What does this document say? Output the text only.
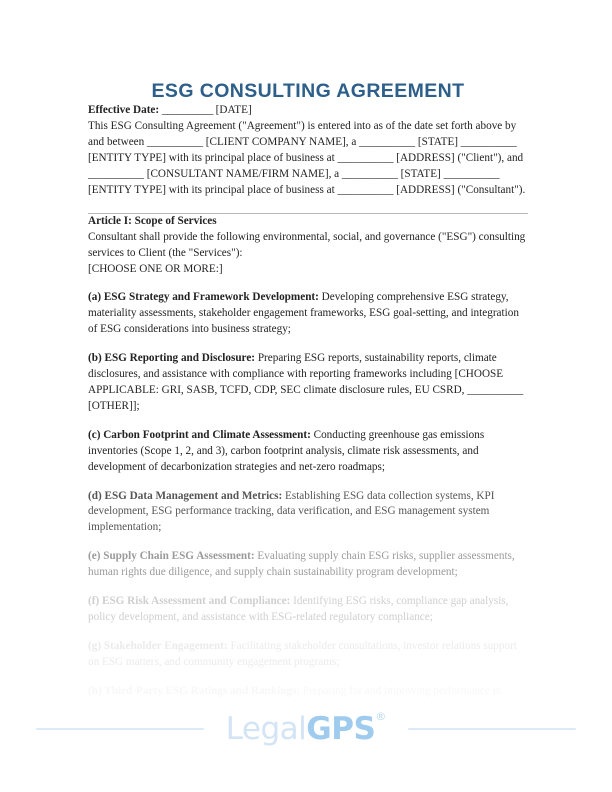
ESG CONSULTING AGREEMENT

Effective Date: __________ [DATE]

This ESG Consulting Agreement ("Agreement") is entered into as of the date set forth above by and between __________ [CLIENT COMPANY NAME], a __________ [STATE] __________ [ENTITY TYPE] with its principal place of business at __________ [ADDRESS] ("Client"), and __________ [CONSULTANT NAME/FIRM NAME], a __________ [STATE] __________ [ENTITY TYPE] with its principal place of business at __________ [ADDRESS] ("Consultant").

Article I: Scope of Services

Consultant shall provide the following environmental, social, and governance ("ESG") consulting services to Client (the "Services"):

[CHOOSE ONE OR MORE:]

(a) ESG Strategy and Framework Development: Developing comprehensive ESG strategy, materiality assessments, stakeholder engagement frameworks, ESG goal-setting, and integration of ESG considerations into business strategy;

(b) ESG Reporting and Disclosure: Preparing ESG reports, sustainability reports, climate disclosures, and assistance with compliance with reporting frameworks including [CHOOSE APPLICABLE: GRI, SASB, TCFD, CDP, SEC climate disclosure rules, EU CSRD, __________ [OTHER]];

(c) Carbon Footprint and Climate Assessment: Conducting greenhouse gas emissions inventories (Scope 1, 2, and 3), carbon footprint analysis, climate risk assessments, and development of decarbonization strategies and net-zero roadmaps;

(d) ESG Data Management and Metrics: Establishing ESG data collection systems, KPI development, ESG performance tracking, data verification, and ESG management system implementation;

(e) Supply Chain ESG Assessment: Evaluating supply chain ESG risks, supplier assessments, human rights due diligence, and supply chain sustainability program development;

(f) ESG Risk Assessment and Compliance: Identifying ESG risks, compliance gap analysis, policy development, and assistance with ESG-related regulatory compliance;

(g) Stakeholder Engagement: Facilitating stakeholder consultations, investor relations support on ESG matters, and community engagement programs;

(h) Third-Party ESG Ratings and Rankings: Preparing for and improving performance in

LegalGPS®
